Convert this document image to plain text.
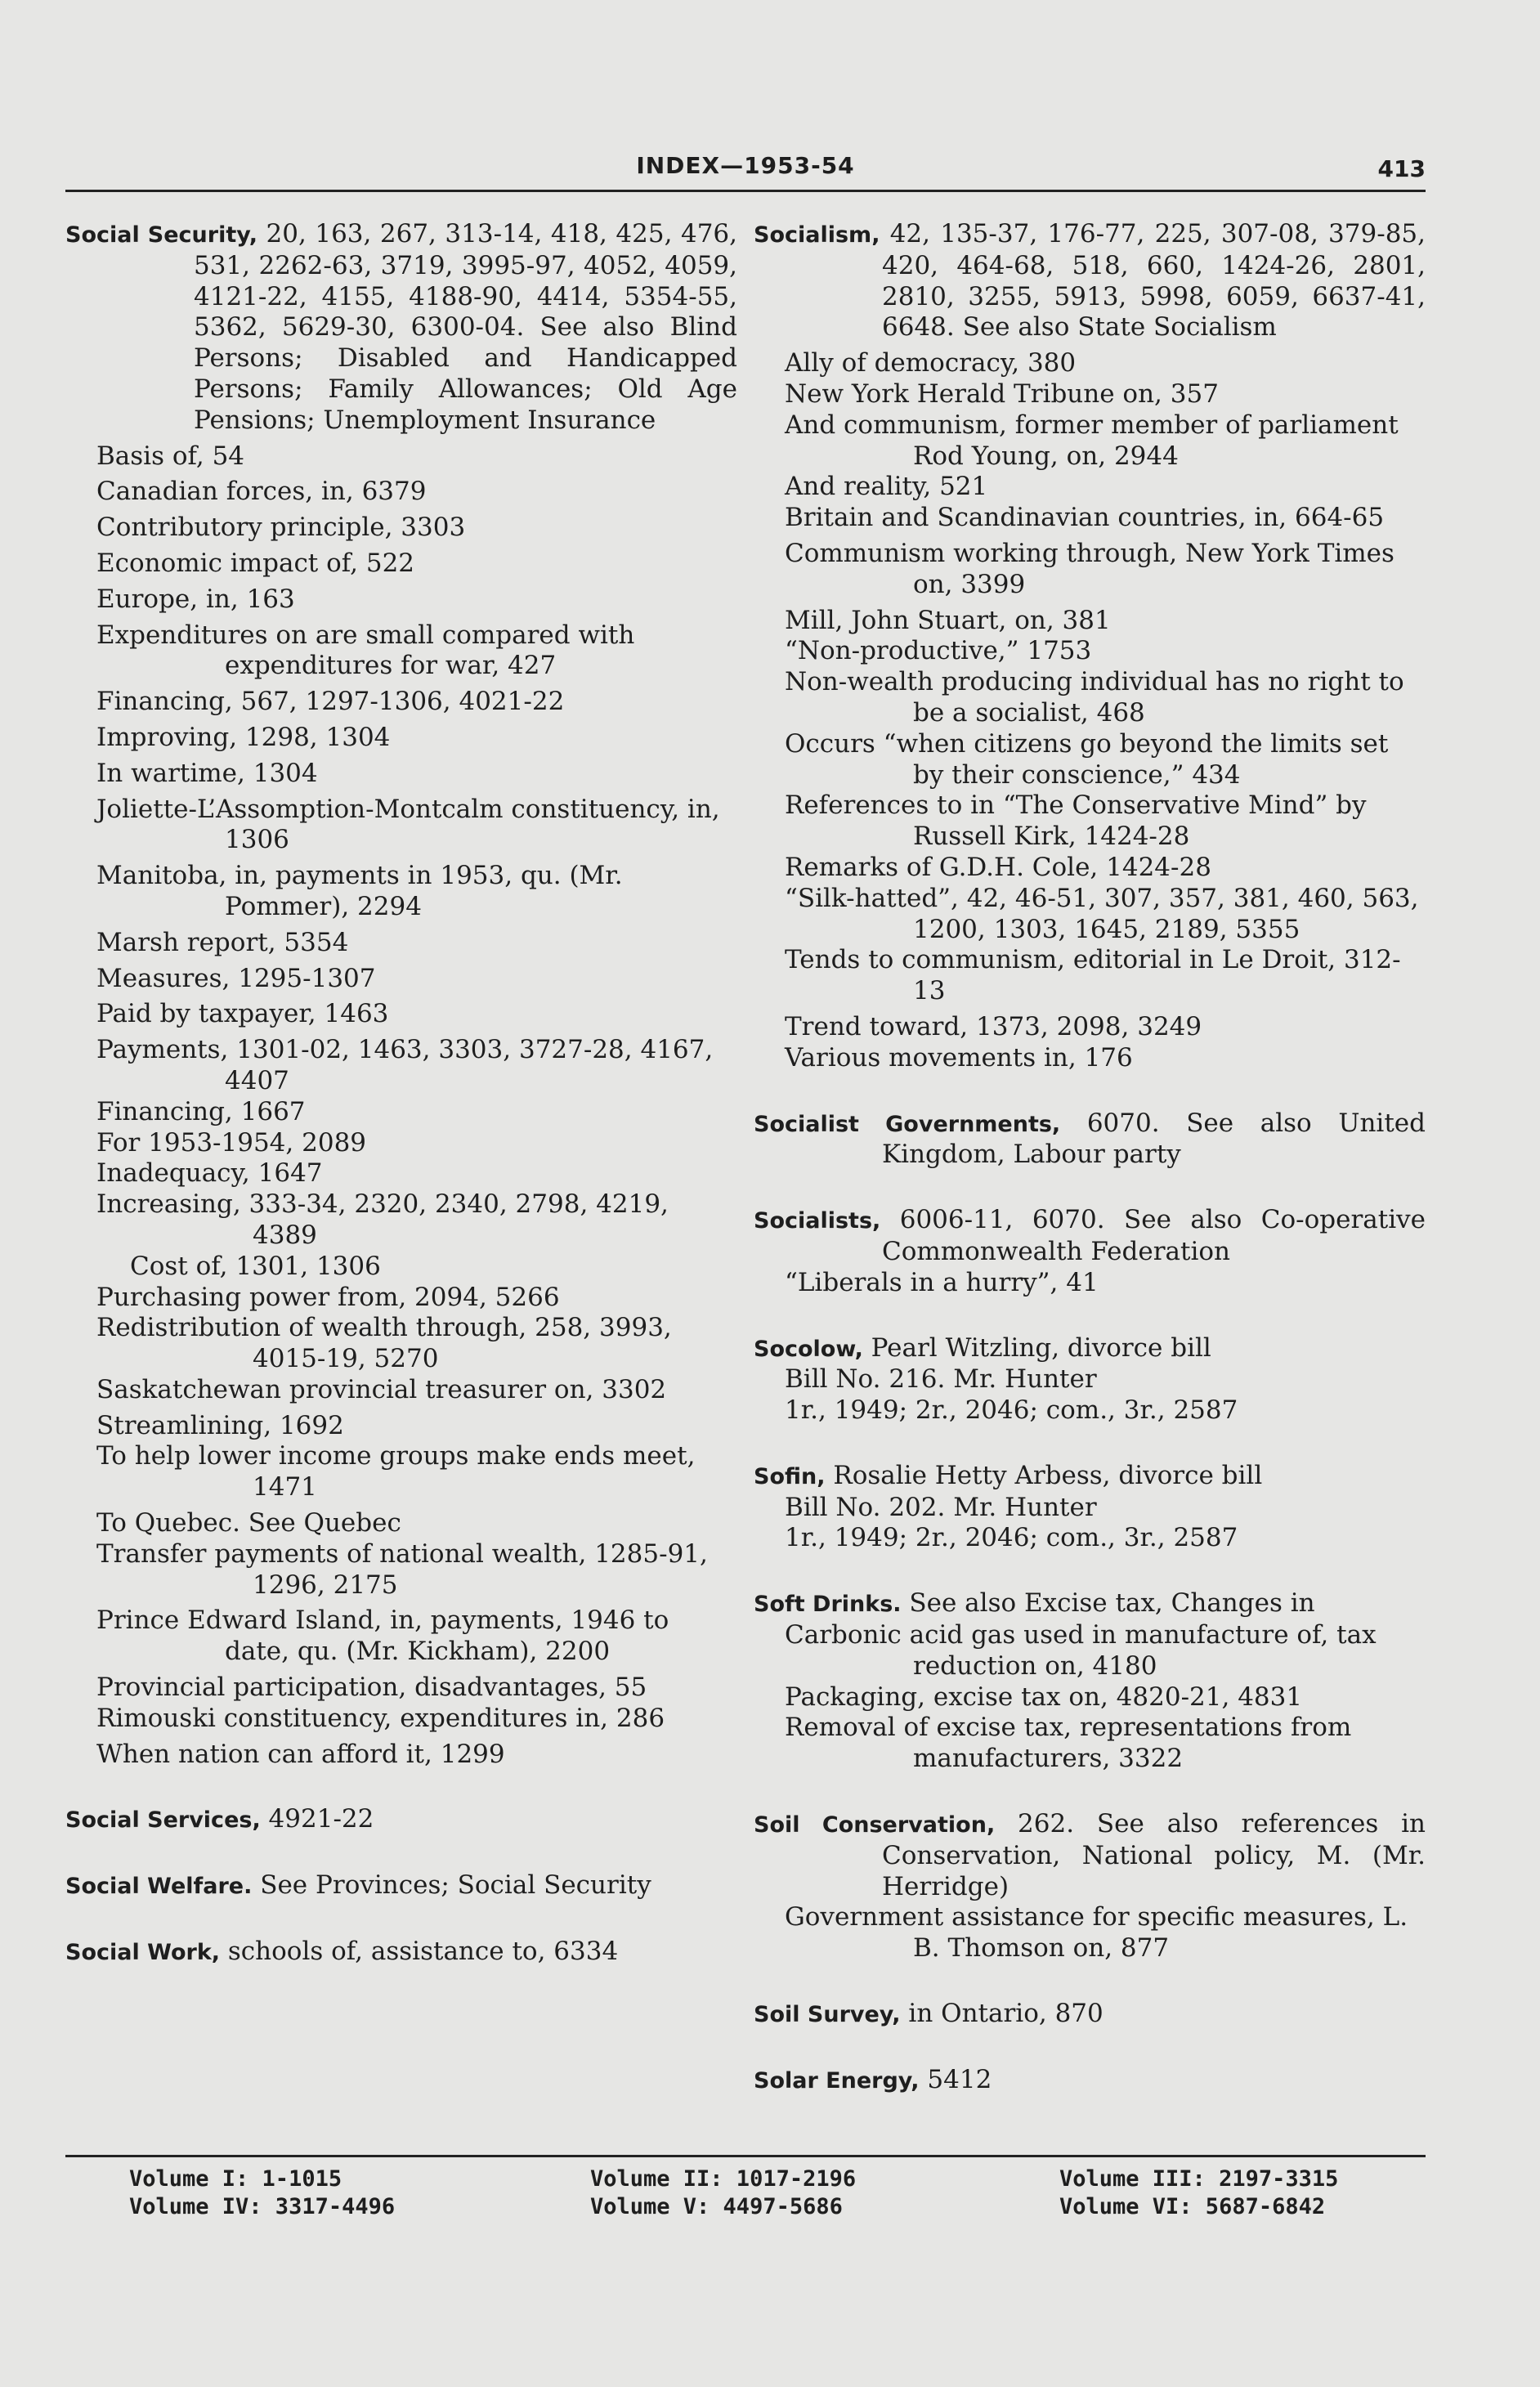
INDEX—1953-54	413

Social Security, 20, 163, 267, 313-14, 418, 425, 476, 531, 2262-63, 3719, 3995-97, 4052, 4059, 4121-22, 4155, 4188-90, 4414, 5354-55, 5362, 5629-30, 6300-04. See also Blind Persons; Disabled and Handicapped Persons; Family Allowances; Old Age Pensions; Unemployment Insurance

Basis of, 54

Canadian forces, in, 6379

Contributory principle, 3303

Economic impact of, 522

Europe, in, 163

Expenditures on are small compared with expenditures for war, 427

Financing, 567, 1297-1306, 4021-22

Improving, 1298, 1304

In wartime, 1304

Joliette-L’Assomption-Montcalm constituency, in, 1306

Manitoba, in, payments in 1953, qu. (Mr. Pommer), 2294

Marsh report, 5354

Measures, 1295-1307

Paid by taxpayer, 1463

Payments, 1301-02, 1463, 3303, 3727-28, 4167, 4407

Financing, 1667

For 1953-1954, 2089

Inadequacy, 1647

Increasing, 333-34, 2320, 2340, 2798, 4219, 4389

Cost of, 1301, 1306

Purchasing power from, 2094, 5266

Redistribution of wealth through, 258, 3993, 4015-19, 5270

Saskatchewan provincial treasurer on, 3302

Streamlining, 1692

To help lower income groups make ends meet, 1471

To Quebec. See Quebec

Transfer payments of national wealth, 1285-91, 1296, 2175

Prince Edward Island, in, payments, 1946 to date, qu. (Mr. Kickham), 2200

Provincial participation, disadvantages, 55

Rimouski constituency, expenditures in, 286

When nation can afford it, 1299

Social Services, 4921-22

Social Welfare. See Provinces; Social Security

Social Work, schools of, assistance to, 6334

Socialism, 42, 135-37, 176-77, 225, 307-08, 379-85, 420, 464-68, 518, 660, 1424-26, 2801, 2810, 3255, 5913, 5998, 6059, 6637-41, 6648. See also State Socialism

Ally of democracy, 380

New York Herald Tribune on, 357

And communism, former member of parliament Rod Young, on, 2944

And reality, 521

Britain and Scandinavian countries, in, 664-65

Communism working through, New York Times on, 3399

Mill, John Stuart, on, 381

“Non-productive,” 1753

Non-wealth producing individual has no right to be a socialist, 468

Occurs “when citizens go beyond the limits set by their conscience,” 434

References to in “The Conservative Mind” by Russell Kirk, 1424-28

Remarks of G.D.H. Cole, 1424-28

“Silk-hatted”, 42, 46-51, 307, 357, 381, 460, 563, 1200, 1303, 1645, 2189, 5355

Tends to communism, editorial in Le Droit, 312-13

Trend toward, 1373, 2098, 3249

Various movements in, 176

Socialist Governments, 6070. See also United Kingdom, Labour party

Socialists, 6006-11, 6070. See also Co-operative Commonwealth Federation

“Liberals in a hurry”, 41

Socolow, Pearl Witzling, divorce bill

Bill No. 216. Mr. Hunter

1r., 1949; 2r., 2046; com., 3r., 2587

Sofin, Rosalie Hetty Arbess, divorce bill

Bill No. 202. Mr. Hunter

1r., 1949; 2r., 2046; com., 3r., 2587

Soft Drinks. See also Excise tax, Changes in

Carbonic acid gas used in manufacture of, tax reduction on, 4180

Packaging, excise tax on, 4820-21, 4831

Removal of excise tax, representations from manufacturers, 3322

Soil Conservation, 262. See also references in Conservation, National policy, M. (Mr. Herridge)

Government assistance for specific measures, L. B. Thomson on, 877

Soil Survey, in Ontario, 870

Solar Energy, 5412

Volume I: 1-1015
Volume IV: 3317-4496
Volume II: 1017-2196
Volume V: 4497-5686
Volume III: 2197-3315
Volume VI: 5687-6842
